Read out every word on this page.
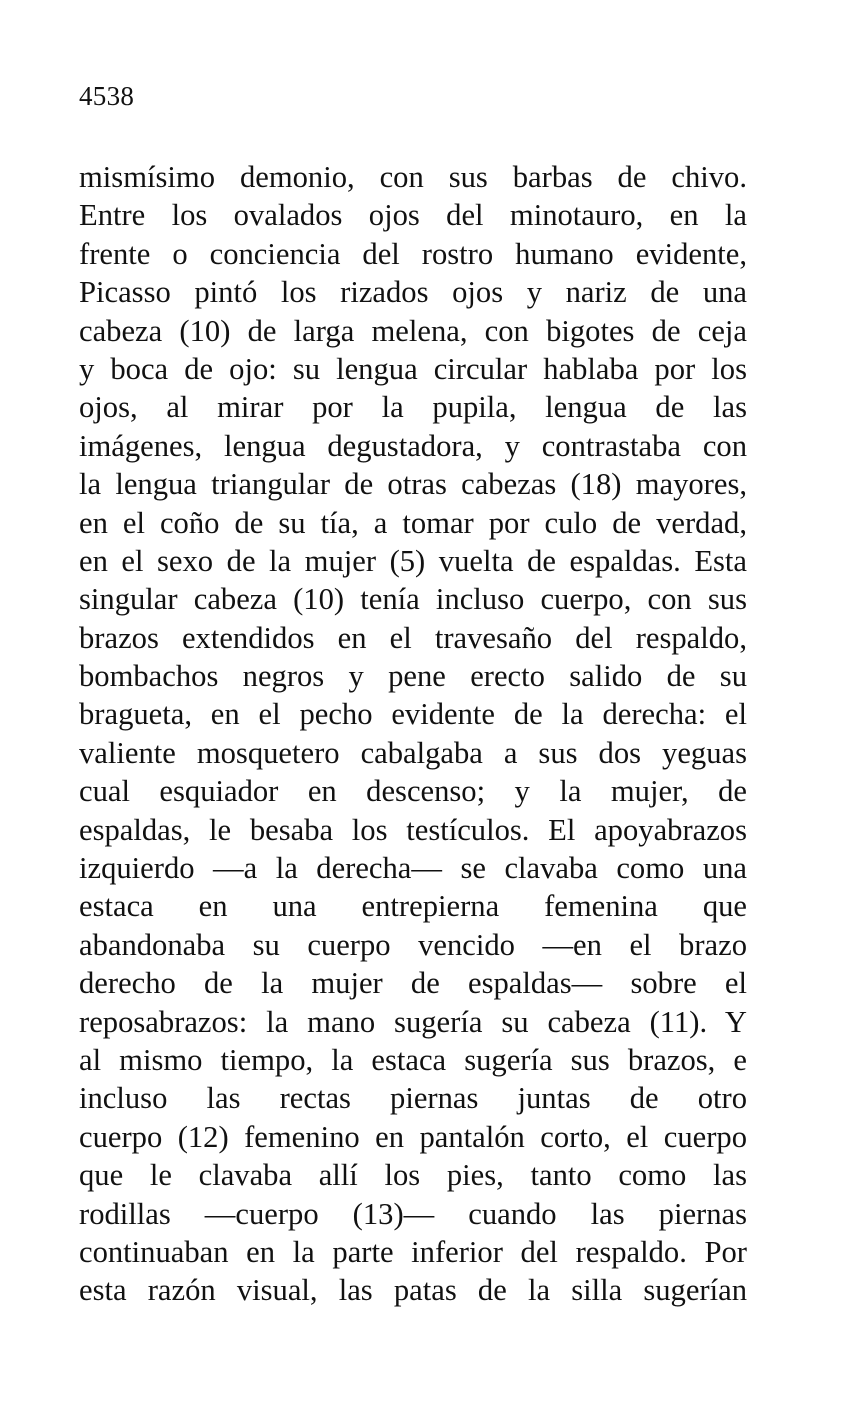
4538
mismísimo demonio, con sus barbas de chivo.
Entre los ovalados ojos del minotauro, en la
frente o conciencia del rostro humano evidente,
Picasso pintó los rizados ojos y nariz de una
cabeza (10) de larga melena, con bigotes de ceja
y boca de ojo: su lengua circular hablaba por los
ojos, al mirar por la pupila, lengua de las
imágenes, lengua degustadora, y contrastaba con
la lengua triangular de otras cabezas (18) mayores,
en el coño de su tía, a tomar por culo de verdad,
en el sexo de la mujer (5) vuelta de espaldas. Esta
singular cabeza (10) tenía incluso cuerpo, con sus
brazos extendidos en el travesaño del respaldo,
bombachos negros y pene erecto salido de su
bragueta, en el pecho evidente de la derecha: el
valiente mosquetero cabalgaba a sus dos yeguas
cual esquiador en descenso; y la mujer, de
espaldas, le besaba los testículos. El apoyabrazos
izquierdo —a la derecha— se clavaba como una
estaca en una entrepierna femenina que
abandonaba su cuerpo vencido —en el brazo
derecho de la mujer de espaldas— sobre el
reposabrazos: la mano sugería su cabeza (11). Y
al mismo tiempo, la estaca sugería sus brazos, e
incluso las rectas piernas juntas de otro
cuerpo (12) femenino en pantalón corto, el cuerpo
que le clavaba allí los pies, tanto como las
rodillas —cuerpo (13)— cuando las piernas
continuaban en la parte inferior del respaldo. Por
esta razón visual, las patas de la silla sugerían
